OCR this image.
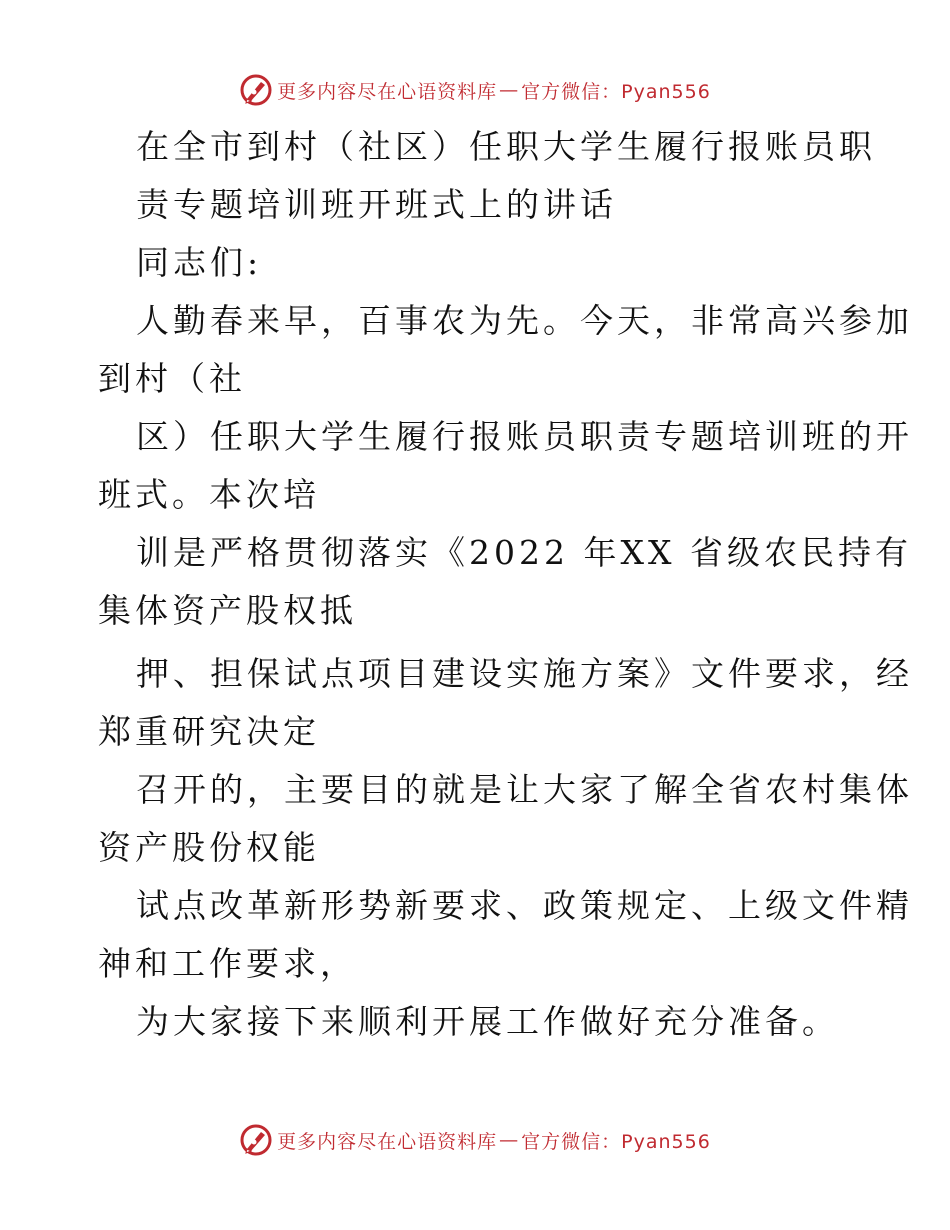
更多内容尽在心语资料库 — 官方微信：Pyan556
在全市到村（社区）任职大学生履行报账员职
责专题培训班开班式上的讲话
同志们:
人勤春来早，百事农为先。今天，非常高兴参加
到村（社
区）任职大学生履行报账员职责专题培训班的开
班式。本次培
训是严格贯彻落实《2022 年XX 省级农民持有
集体资产股权抵
押、担保试点项目建设实施方案》文件要求，经
郑重研究决定
召开的，主要目的就是让大家了解全省农村集体
资产股份权能
试点改革新形势新要求、政策规定、上级文件精
神和工作要求，
为大家接下来顺利开展工作做好充分准备。
更多内容尽在心语资料库 — 官方微信：Pyan556
